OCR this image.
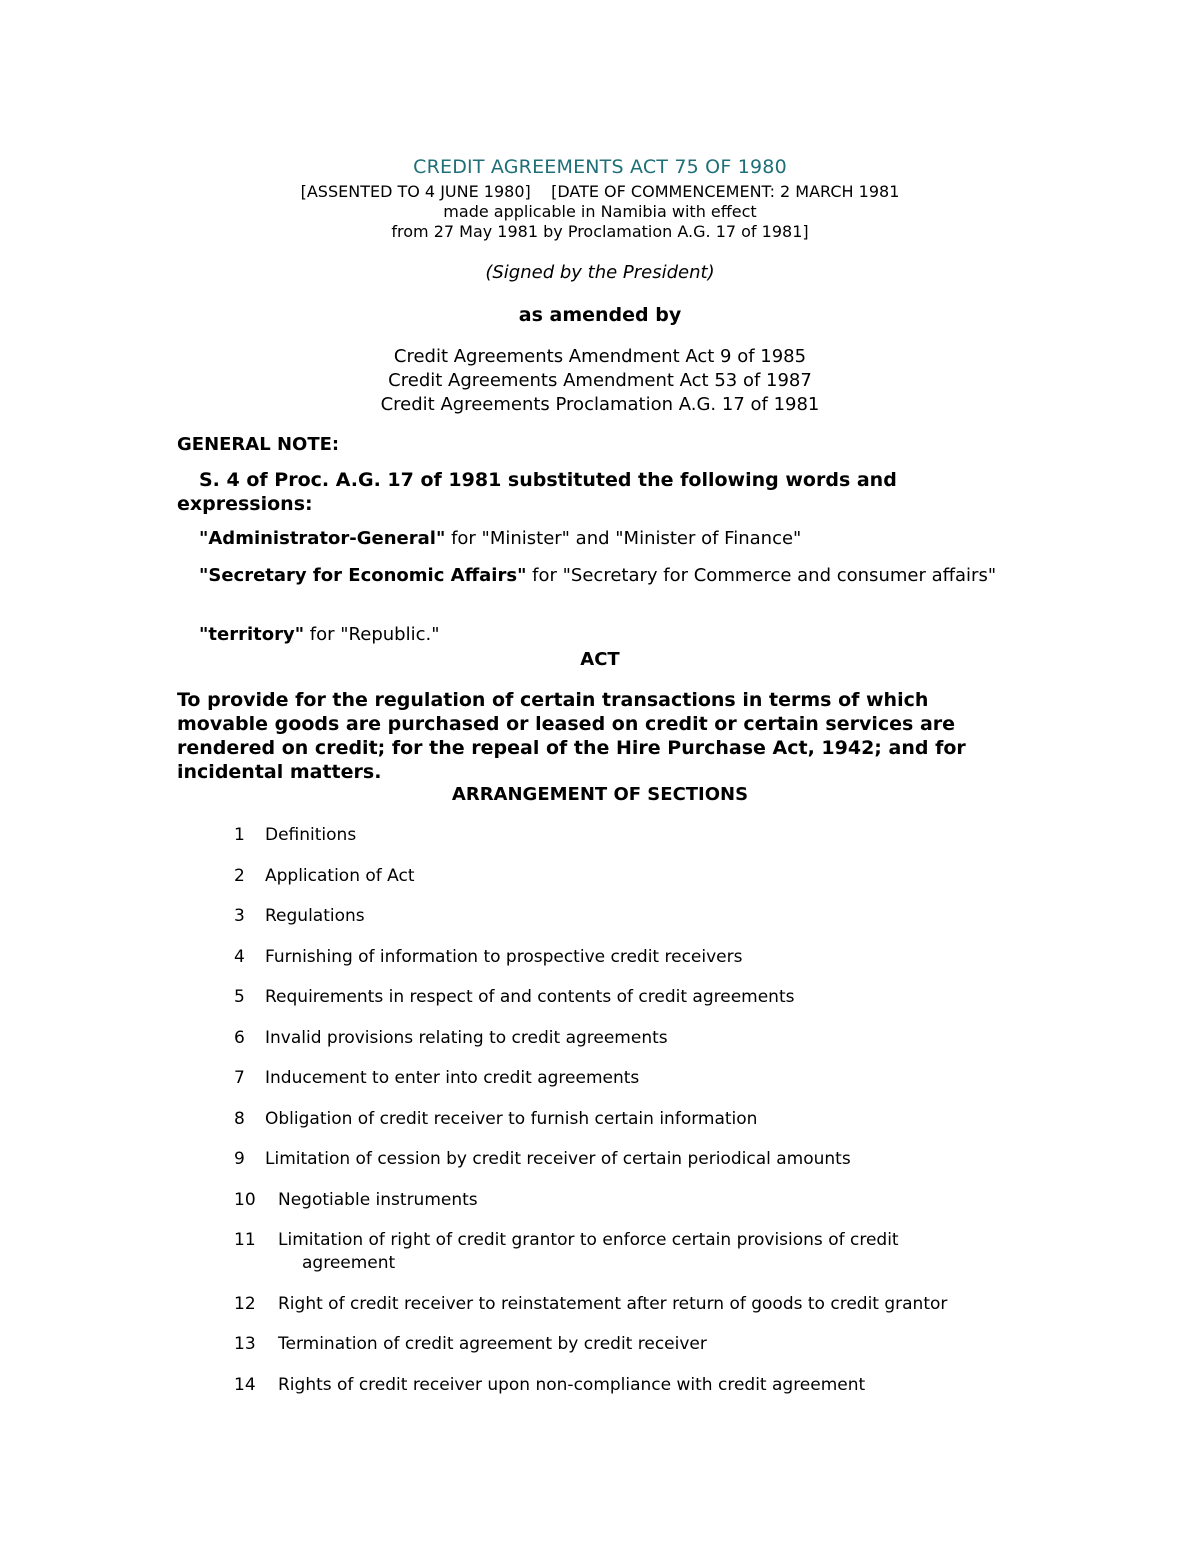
CREDIT AGREEMENTS ACT 75 OF 1980
[ASSENTED TO 4 JUNE 1980]    [DATE OF COMMENCEMENT: 2 MARCH 1981
made applicable in Namibia with effect
from 27 May 1981 by Proclamation A.G. 17 of 1981]
(Signed by the President)
as amended by
Credit Agreements Amendment Act 9 of 1985
Credit Agreements Amendment Act 53 of 1987
Credit Agreements Proclamation A.G. 17 of 1981
GENERAL NOTE:
S. 4 of Proc. A.G. 17 of 1981 substituted the following words and expressions:
"Administrator-General" for "Minister" and "Minister of Finance"
"Secretary for Economic Affairs" for "Secretary for Commerce and consumer affairs"
"territory" for "Republic."
ACT
To provide for the regulation of certain transactions in terms of which movable goods are purchased or leased on credit or certain services are rendered on credit; for the repeal of the Hire Purchase Act, 1942; and for incidental matters.
ARRANGEMENT OF SECTIONS
1	Definitions
2	Application of Act
3	Regulations
4	Furnishing of information to prospective credit receivers
5	Requirements in respect of and contents of credit agreements
6	Invalid provisions relating to credit agreements
7	Inducement to enter into credit agreements
8	Obligation of credit receiver to furnish certain information
9	Limitation of cession by credit receiver of certain periodical amounts
10	Negotiable instruments
11	Limitation of right of credit grantor to enforce certain provisions of credit
agreement
12	Right of credit receiver to reinstatement after return of goods to credit grantor
13	Termination of credit agreement by credit receiver
14	Rights of credit receiver upon non-compliance with credit agreement
